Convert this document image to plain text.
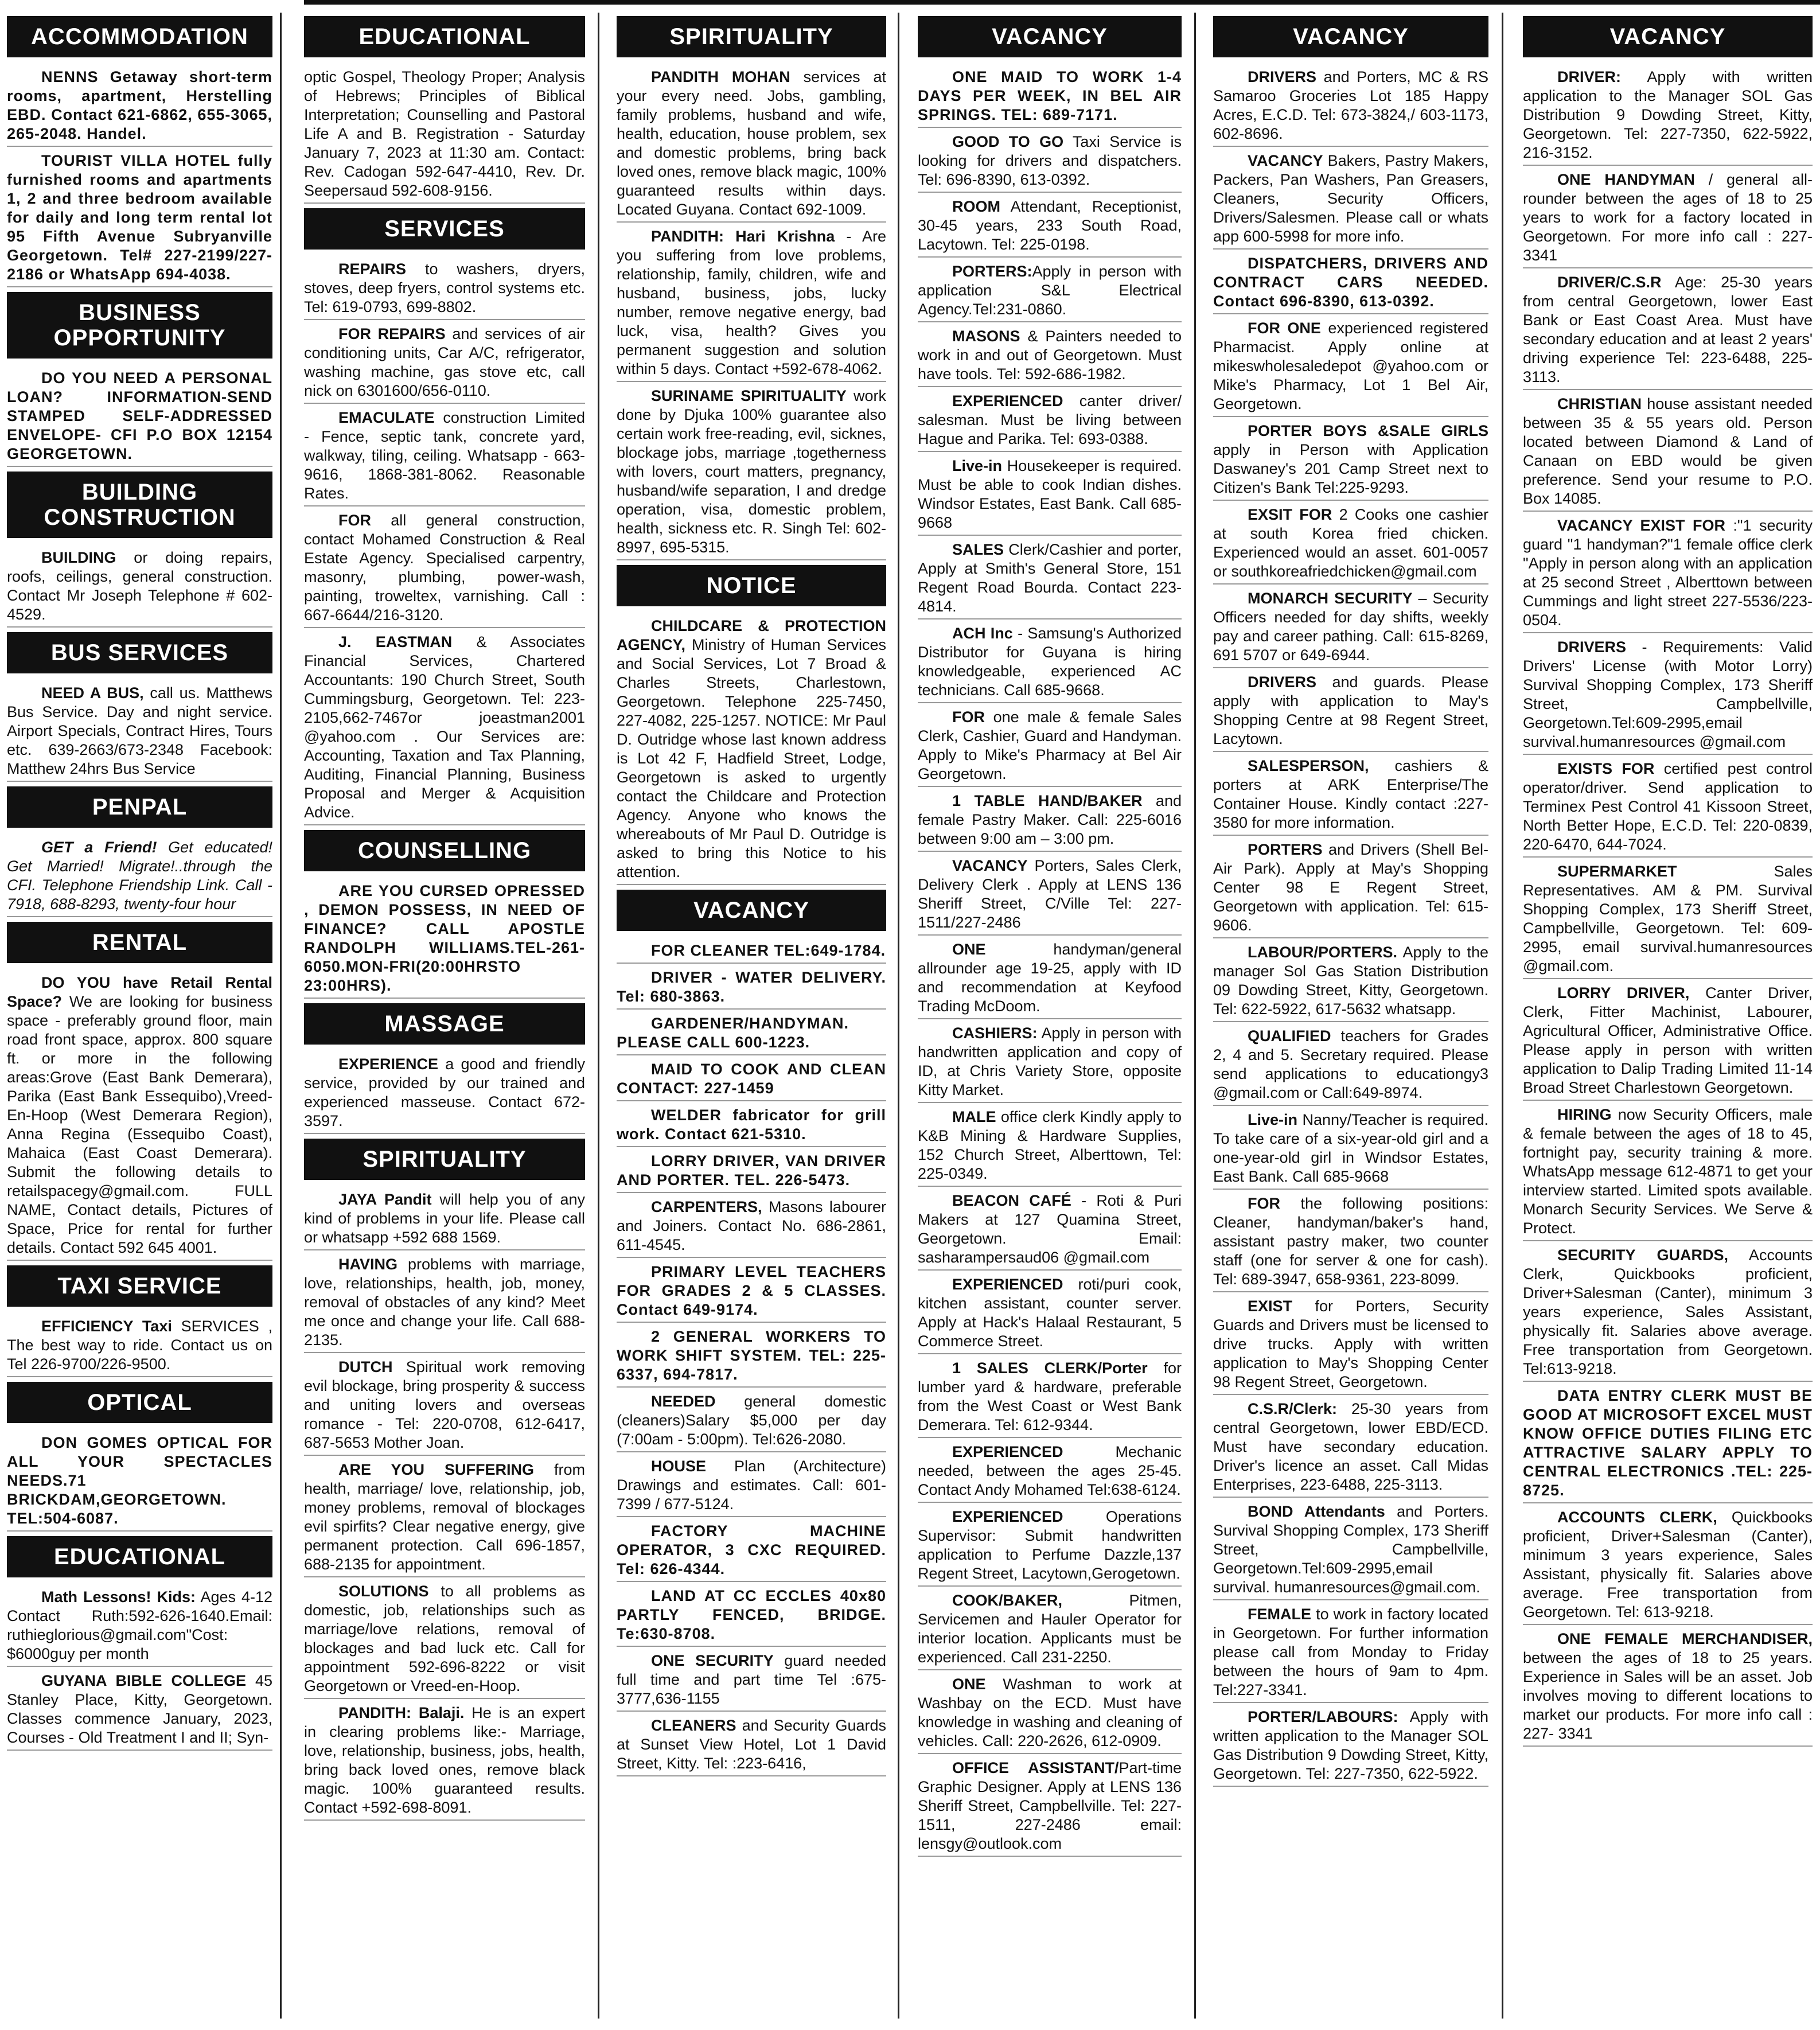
ACCOMMODATION
NENNS Getaway short-term rooms, apartment, Herstelling EBD. Contact 621-6862, 655-3065, 265-2048. Handel.
TOURIST VILLA HOTEL fully furnished rooms and apartments 1, 2 and three bedroom available for daily and long term rental lot 95 Fifth Avenue Subryanville Georgetown. Tel# 227-2199/227-2186 or WhatsApp 694-4038.
BUSINESS OPPORTUNITY
DO YOU NEED A PERSONAL LOAN? INFORMATION-SEND STAMPED SELF-ADDRESSED ENVELOPE- CFI P.O BOX 12154 GEORGETOWN.
BUILDING CONSTRUCTION
BUILDING or doing repairs, roofs, ceilings, general construction. Contact Mr Joseph Telephone # 602-4529.
BUS SERVICES
NEED A BUS, call us. Matthews Bus Service. Day and night service. Airport Specials, Contract Hires, Tours etc. 639-2663/673-2348 Facebook: Matthew 24hrs Bus Service
PENPAL
GET a Friend! Get educated! Get Married! Migrate!..through the CFI. Telephone Friendship Link. Call - 7918, 688-8293, twenty-four hour
RENTAL
DO YOU have Retail Rental Space? We are looking for business space - preferably ground floor, main road front space, approx. 800 square ft. or more in the following areas:Grove (East Bank Demerara), Parika (East Bank Essequibo),Vreed-En-Hoop (West Demerara Region), Anna Regina (Essequibo Coast), Mahaica (East Coast Demerara). Submit the following details to retailspacegy@gmail.com. FULL NAME, Contact details, Pictures of Space, Price for rental for further details. Contact 592 645 4001.
TAXI SERVICE
EFFICIENCY Taxi SERVICES , The best way to ride. Contact us on Tel 226-9700/226-9500.
OPTICAL
DON GOMES OPTICAL FOR ALL YOUR SPECTACLES NEEDS.71 BRICKDAM,GEORGETOWN. TEL:504-6087.
EDUCATIONAL
Math Lessons! Kids: Ages 4-12 Contact Ruth:592-626-1640.Email: ruthieglorious@gmail.com"Cost: $6000guy per month
GUYANA BIBLE COLLEGE 45 Stanley Place, Kitty, Georgetown. Classes commence January, 2023, Courses - Old Treatment I and II; Syn-
EDUCATIONAL
optic Gospel, Theology Proper; Analysis of Hebrews; Principles of Biblical Interpretation; Counselling and Pastoral Life A and B. Registration - Saturday January 7, 2023 at 11:30 am. Contact: Rev. Cadogan 592-647-4410, Rev. Dr. Seepersaud 592-608-9156.
SERVICES
REPAIRS to washers, dryers, stoves, deep fryers, control systems etc. Tel: 619-0793, 699-8802.
FOR REPAIRS and services of air conditioning units, Car A/C, refrigerator, washing machine, gas stove etc, call nick on 6301600/656-0110.
EMACULATE construction Limited - Fence, septic tank, concrete yard, walkway, tiling, ceiling. Whatsapp - 663-9616, 1868-381-8062. Reasonable Rates.
FOR all general construction, contact Mohamed Construction & Real Estate Agency. Specialised carpentry, masonry, plumbing, power-wash, painting, troweltex, varnishing. Call : 667-6644/216-3120.
J. EASTMAN & Associates Financial Services, Chartered Accountants: 190 Church Street, South Cummingsburg, Georgetown. Tel: 223-2105,662-7467or joeastman2001 @yahoo.com . Our Services are: Accounting, Taxation and Tax Planning, Auditing, Financial Planning, Business Proposal and Merger & Acquisition Advice.
COUNSELLING
ARE YOU CURSED OPRESSED , DEMON POSSESS, IN NEED OF FINANCE? CALL APOSTLE RANDOLPH WILLIAMS.TEL-261-6050.MON-FRI(20:00HRSTO 23:00HRS).
MASSAGE
EXPERIENCE a good and friendly service, provided by our trained and experienced masseuse. Contact 672-3597.
SPIRITUALITY
JAYA Pandit will help you of any kind of problems in your life. Please call or whatsapp +592 688 1569.
HAVING problems with marriage, love, relationships, health, job, money, removal of obstacles of any kind? Meet me once and change your life. Call 688-2135.
DUTCH Spiritual work removing evil blockage, bring prosperity & success and uniting lovers and overseas romance - Tel: 220-0708, 612-6417, 687-5653 Mother Joan.
ARE YOU SUFFERING from health, marriage/ love, relationship, job, money problems, removal of blockages evil spirfits? Clear negative energy, give permanent protection. Call 696-1857, 688-2135 for appointment.
SOLUTIONS to all problems as domestic, job, relationships such as marriage/love relations, removal of blockages and bad luck etc. Call for appointment 592-696-8222 or visit Georgetown or Vreed-en-Hoop.
PANDITH: Balaji. He is an expert in clearing problems like:- Marriage, love, relationship, business, jobs, health, bring back loved ones, remove black magic. 100% guaranteed results. Contact +592-698-8091.
SPIRITUALITY
PANDITH MOHAN services at your every need. Jobs, gambling, family problems, husband and wife, health, education, house problem, sex and domestic problems, bring back loved ones, remove black magic, 100% guaranteed results within days. Located Guyana. Contact 692-1009.
PANDITH: Hari Krishna - Are you suffering from love problems, relationship, family, children, wife and husband, business, jobs, lucky number, remove negative energy, bad luck, visa, health? Gives you permanent suggestion and solution within 5 days. Contact +592-678-4062.
SURINAME SPIRITUALITY work done by Djuka 100% guarantee also certain work free-reading, evil, sicknes, blockage jobs, marriage ,togetherness with lovers, court matters, pregnancy, husband/wife separation, I and dredge operation, visa, domestic problem, health, sickness etc. R. Singh Tel: 602-8997, 695-5315.
NOTICE
CHILDCARE & PROTECTION AGENCY, Ministry of Human Services and Social Services, Lot 7 Broad & Charles Streets, Charlestown, Georgetown. Telephone 225-7450, 227-4082, 225-1257. NOTICE: Mr Paul D. Outridge whose last known address is Lot 42 F, Hadfield Street, Lodge, Georgetown is asked to urgently contact the Childcare and Protection Agency. Anyone who knows the whereabouts of Mr Paul D. Outridge is asked to bring this Notice to his attention.
VACANCY
FOR CLEANER TEL:649-1784.
DRIVER - WATER DELIVERY. Tel: 680-3863.
GARDENER/HANDYMAN. PLEASE CALL 600-1223.
MAID TO COOK AND CLEAN CONTACT: 227-1459
WELDER fabricator for grill work. Contact 621-5310.
LORRY DRIVER, VAN DRIVER AND PORTER. TEL. 226-5473.
CARPENTERS, Masons labourer and Joiners. Contact No. 686-2861, 611-4545.
PRIMARY LEVEL TEACHERS FOR GRADES 2 & 5 CLASSES. Contact 649-9174.
2 GENERAL WORKERS TO WORK SHIFT SYSTEM. TEL: 225-6337, 694-7817.
NEEDED general domestic (cleaners)Salary $5,000 per day (7:00am - 5:00pm). Tel:626-2080.
HOUSE Plan (Architecture) Drawings and estimates. Call: 601-7399 / 677-5124.
FACTORY MACHINE OPERATOR, 3 CXC REQUIRED. Tel: 626-4344.
LAND AT CC ECCLES 40x80 PARTLY FENCED, BRIDGE. Te:630-8708.
ONE SECURITY guard needed full time and part time Tel :675-3777,636-1155
CLEANERS and Security Guards at Sunset View Hotel, Lot 1 David Street, Kitty. Tel: :223-6416,
VACANCY
ONE MAID TO WORK 1-4 DAYS PER WEEK, IN BEL AIR SPRINGS. TEL: 689-7171.
GOOD TO GO Taxi Service is looking for drivers and dispatchers. Tel: 696-8390, 613-0392.
ROOM Attendant, Receptionist, 30-45 years, 233 South Road, Lacytown. Tel: 225-0198.
PORTERS:Apply in person with application S&L Electrical Agency.Tel:231-0860.
MASONS & Painters needed to work in and out of Georgetown. Must have tools. Tel: 592-686-1982.
EXPERIENCED canter driver/ salesman. Must be living between Hague and Parika. Tel: 693-0388.
Live-in Housekeeper is required. Must be able to cook Indian dishes. Windsor Estates, East Bank. Call 685-9668
SALES Clerk/Cashier and porter, Apply at Smith's General Store, 151 Regent Road Bourda. Contact 223-4814.
ACH Inc - Samsung's Authorized Distributor for Guyana is hiring knowledgeable, experienced AC technicians. Call 685-9668.
FOR one male & female Sales Clerk, Cashier, Guard and Handyman. Apply to Mike's Pharmacy at Bel Air Georgetown.
1 TABLE HAND/BAKER and female Pastry Maker. Call: 225-6016 between 9:00 am – 3:00 pm.
VACANCY Porters, Sales Clerk, Delivery Clerk . Apply at LENS 136 Sheriff Street, C/Ville Tel: 227-1511/227-2486
ONE handyman/general allrounder age 19-25, apply with ID and recommendation at Keyfood Trading McDoom.
CASHIERS: Apply in person with handwritten application and copy of ID, at Chris Variety Store, opposite Kitty Market.
MALE office clerk Kindly apply to K&B Mining & Hardware Supplies, 152 Church Street, Alberttown, Tel: 225-0349.
BEACON CAFÉ - Roti & Puri Makers at 127 Quamina Street, Georgetown. Email: sasharampersaud06 @gmail.com
EXPERIENCED roti/puri cook, kitchen assistant, counter server. Apply at Hack's Halaal Restaurant, 5 Commerce Street.
1 SALES CLERK/Porter for lumber yard & hardware, preferable from the West Coast or West Bank Demerara. Tel: 612-9344.
EXPERIENCED Mechanic needed, between the ages 25-45. Contact Andy Mohamed Tel:638-6124.
EXPERIENCED Operations Supervisor: Submit handwritten application to Perfume Dazzle,137 Regent Street, Lacytown,Gerogetown.
COOK/BAKER, Pitmen, Servicemen and Hauler Operator for interior location. Applicants must be experienced. Call 231-2250.
ONE Washman to work at Washbay on the ECD. Must have knowledge in washing and cleaning of vehicles. Call: 220-2626, 612-0909.
OFFICE ASSISTANT/Part-time Graphic Designer. Apply at LENS 136 Sheriff Street, Campbellville. Tel: 227-1511, 227-2486 email: lensgy@outlook.com
VACANCY
DRIVERS and Porters, MC & RS Samaroo Groceries Lot 185 Happy Acres, E.C.D. Tel: 673-3824,/ 603-1173, 602-8696.
VACANCY Bakers, Pastry Makers, Packers, Pan Washers, Pan Greasers, Cleaners, Security Officers, Drivers/Salesmen. Please call or whats app 600-5998 for more info.
DISPATCHERS, DRIVERS AND CONTRACT CARS NEEDED. Contact 696-8390, 613-0392.
FOR ONE experienced registered Pharmacist. Apply online at mikeswholesaledepot @yahoo.com or Mike's Pharmacy, Lot 1 Bel Air, Georgetown.
PORTER BOYS &SALE GIRLS apply in Person with Application Daswaney's 201 Camp Street next to Citizen's Bank Tel:225-9293.
EXSIT FOR 2 Cooks one cashier at south Korea fried chicken. Experienced would an asset. 601-0057 or southkoreafriedchicken@gmail.com
MONARCH SECURITY – Security Officers needed for day shifts, weekly pay and career pathing. Call: 615-8269, 691 5707 or 649-6944.
DRIVERS and guards. Please apply with application to May's Shopping Centre at 98 Regent Street, Lacytown.
SALESPERSON, cashiers & porters at ARK Enterprise/The Container House. Kindly contact :227-3580 for more information.
PORTERS and Drivers (Shell Bel-Air Park). Apply at May's Shopping Center 98 E Regent Street, Georgetown with application. Tel: 615-9606.
LABOUR/PORTERS. Apply to the manager Sol Gas Station Distribution 09 Dowding Street, Kitty, Georgetown. Tel: 622-5922, 617-5632 whatsapp.
QUALIFIED teachers for Grades 2, 4 and 5. Secretary required. Please send applications to educationgy3 @gmail.com or Call:649-8974.
Live-in Nanny/Teacher is required. To take care of a six-year-old girl and a one-year-old girl in Windsor Estates, East Bank. Call 685-9668
FOR the following positions: Cleaner, handyman/baker's hand, assistant pastry maker, two counter staff (one for server & one for cash). Tel: 689-3947, 658-9361, 223-8099.
EXIST for Porters, Security Guards and Drivers must be licensed to drive trucks. Apply with written application to May's Shopping Center 98 Regent Street, Georgetown.
C.S.R/Clerk: 25-30 years from central Georgetown, lower EBD/ECD. Must have secondary education. Driver's licence an asset. Call Midas Enterprises, 223-6488, 225-3113.
BOND Attendants and Porters. Survival Shopping Complex, 173 Sheriff Street, Campbellville, Georgetown.Tel:609-2995,email survival. humanresources@gmail.com.
FEMALE to work in factory located in Georgetown. For further information please call from Monday to Friday between the hours of 9am to 4pm. Tel:227-3341.
PORTER/LABOURS: Apply with written application to the Manager SOL Gas Distribution 9 Dowding Street, Kitty, Georgetown. Tel: 227-7350, 622-5922.
VACANCY
DRIVER: Apply with written application to the Manager SOL Gas Distribution 9 Dowding Street, Kitty, Georgetown. Tel: 227-7350, 622-5922, 216-3152.
ONE HANDYMAN / general all-rounder between the ages of 18 to 25 years to work for a factory located in Georgetown. For more info call : 227- 3341
DRIVER/C.S.R Age: 25-30 years from central Georgetown, lower East Bank or East Coast Area. Must have secondary education and at least 2 years' driving experience Tel: 223-6488, 225-3113.
CHRISTIAN house assistant needed between 35 & 55 years old. Person located between Diamond & Land of Canaan on EBD would be given preference. Send your resume to P.O. Box 14085.
VACANCY EXIST FOR :"1 security guard "1 handyman?"1 female office clerk "Apply in person along with an application at 25 second Street , Alberttown between Cummings and light street 227-5536/223-0504.
DRIVERS - Requirements: Valid Drivers' License (with Motor Lorry) Survival Shopping Complex, 173 Sheriff Street, Campbellville, Georgetown.Tel:609-2995,email survival.humanresources @gmail.com
EXISTS FOR certified pest control operator/driver. Send application to Terminex Pest Control 41 Kissoon Street, North Better Hope, E.C.D. Tel: 220-0839, 220-6470, 644-7024.
SUPERMARKET Sales Representatives. AM & PM. Survival Shopping Complex, 173 Sheriff Street, Campbellville, Georgetown. Tel: 609-2995, email survival.humanresources @gmail.com.
LORRY DRIVER, Canter Driver, Clerk, Fitter Machinist, Labourer, Agricultural Officer, Administrative Office. Please apply in person with written application to Dalip Trading Limited 11-14 Broad Street Charlestown Georgetown.
HIRING now Security Officers, male & female between the ages of 18 to 45, fortnight pay, security training & more. WhatsApp message 612-4871 to get your interview started. Limited spots available. Monarch Security Services. We Serve & Protect.
SECURITY GUARDS, Accounts Clerk, Quickbooks proficient, Driver+Salesman (Canter), minimum 3 years experience, Sales Assistant, physically fit. Salaries above average. Free transportation from Georgetown. Tel:613-9218.
DATA ENTRY CLERK MUST BE GOOD AT MICROSOFT EXCEL MUST KNOW OFFICE DUTIES FILING ETC ATTRACTIVE SALARY APPLY TO CENTRAL ELECTRONICS .TEL: 225-8725.
ACCOUNTS CLERK, Quickbooks proficient, Driver+Salesman (Canter), minimum 3 years experience, Sales Assistant, physically fit. Salaries above average. Free transportation from Georgetown. Tel: 613-9218.
ONE FEMALE MERCHANDISER, between the ages of 18 to 25 years. Experience in Sales will be an asset. Job involves moving to different locations to market our products. For more info call : 227- 3341
